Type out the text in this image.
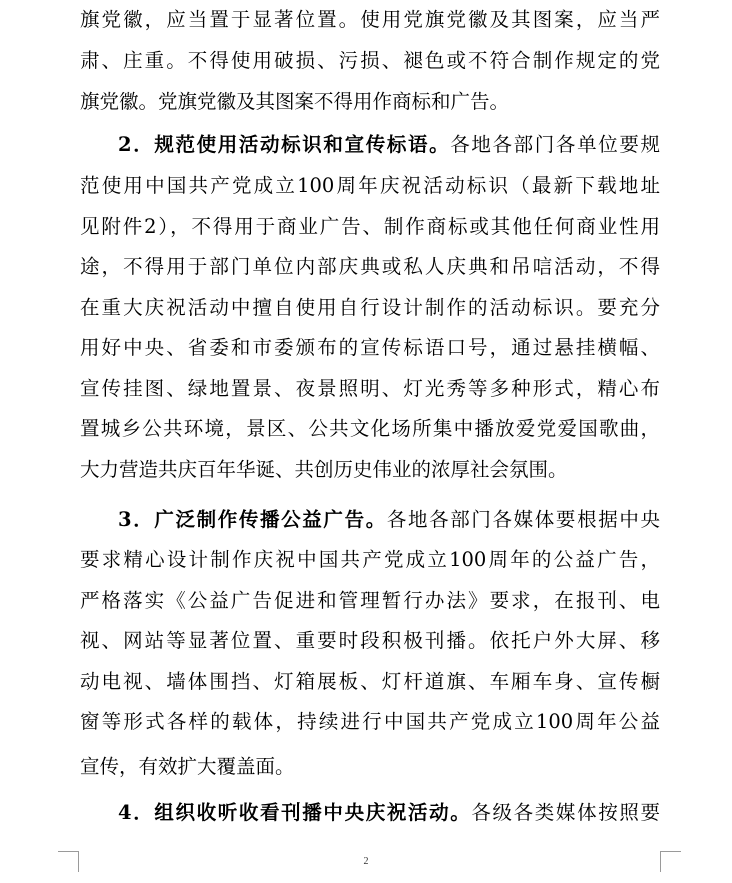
旗党徽，应当置于显著位置。使用党旗党徽及其图案，应当严
肃、庄重。不得使用破损、污损、褪色或不符合制作规定的党
旗党徽。党旗党徽及其图案不得用作商标和广告。
2．规范使用活动标识和宣传标语。各地各部门各单位要规
范使用中国共产党成立100周年庆祝活动标识（最新下载地址
见附件2），不得用于商业广告、制作商标或其他任何商业性用
途，不得用于部门单位内部庆典或私人庆典和吊唁活动，不得
在重大庆祝活动中擅自使用自行设计制作的活动标识。要充分
用好中央、省委和市委颁布的宣传标语口号，通过悬挂横幅、
宣传挂图、绿地置景、夜景照明、灯光秀等多种形式，精心布
置城乡公共环境，景区、公共文化场所集中播放爱党爱国歌曲，
大力营造共庆百年华诞、共创历史伟业的浓厚社会氛围。
3．广泛制作传播公益广告。各地各部门各媒体要根据中央
要求精心设计制作庆祝中国共产党成立100周年的公益广告，
严格落实《公益广告促进和管理暂行办法》要求，在报刊、电
视、网站等显著位置、重要时段积极刊播。依托户外大屏、移
动电视、墙体围挡、灯箱展板、灯杆道旗、车厢车身、宣传橱
窗等形式各样的载体，持续进行中国共产党成立100周年公益
宣传，有效扩大覆盖面。
4．组织收听收看刊播中央庆祝活动。各级各类媒体按照要
2
